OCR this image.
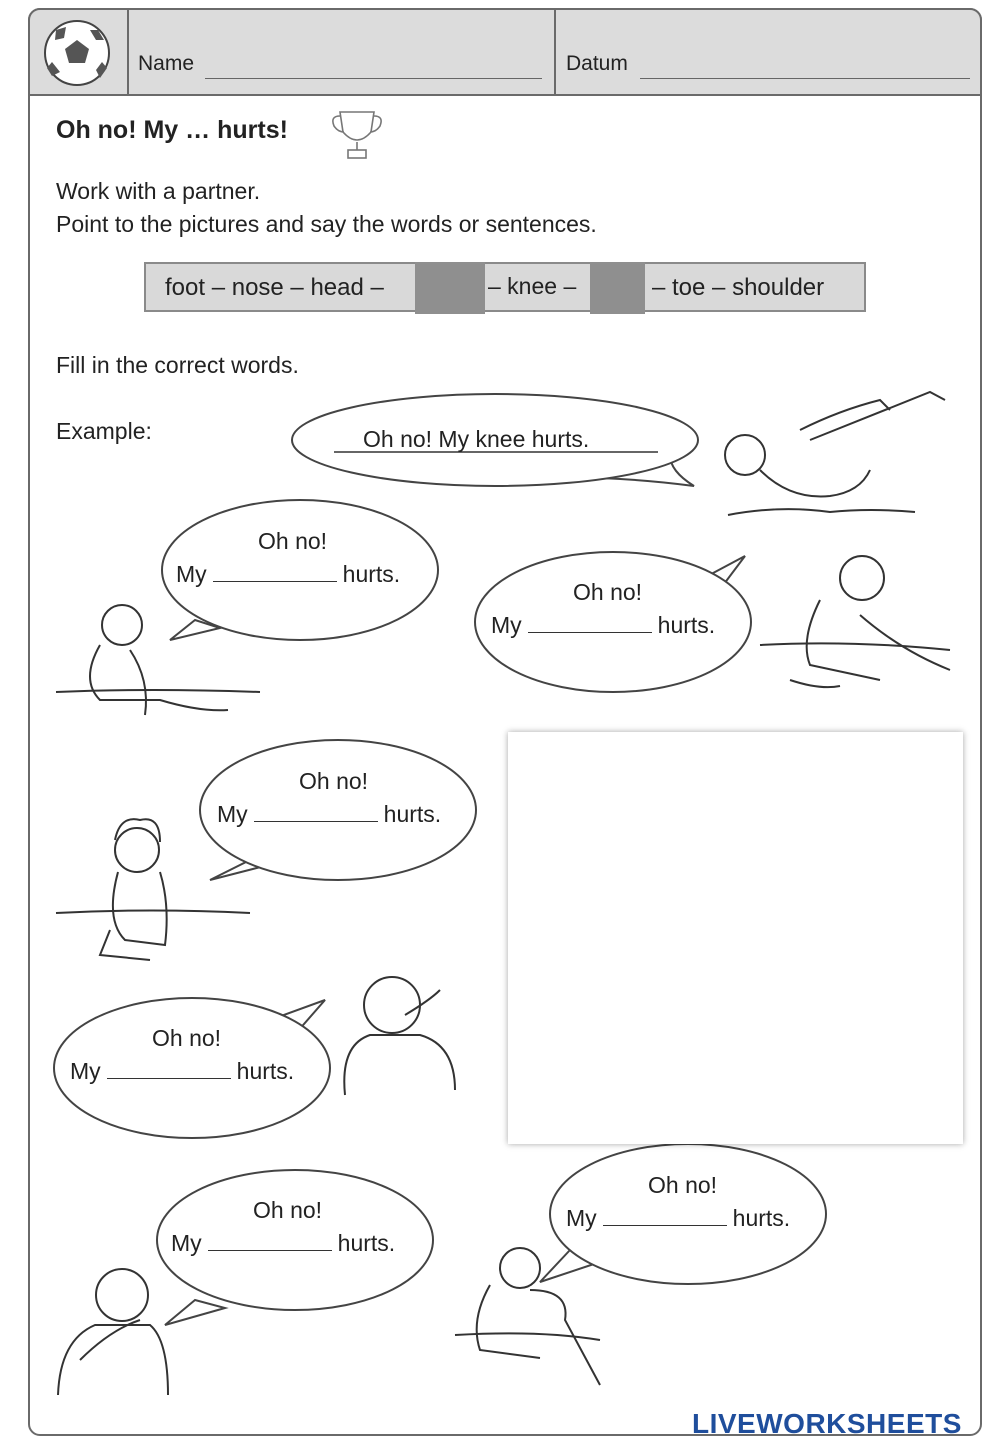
Name	Datum
Oh no! My … hurts!
Work with a partner.
Point to the pictures and say the words or sentences.
foot – nose – head –	– knee –	– toe – shoulder
Fill in the correct words.
Example:	Oh no! My knee hurts.
Oh no!
My	hurts.
Oh no!
My	hurts.
Oh no!
My	hurts.
Oh no!
My	hurts.
Oh no!
My	hurts.
Oh no!
My	hurts.
LIVEWORKSHEETS
